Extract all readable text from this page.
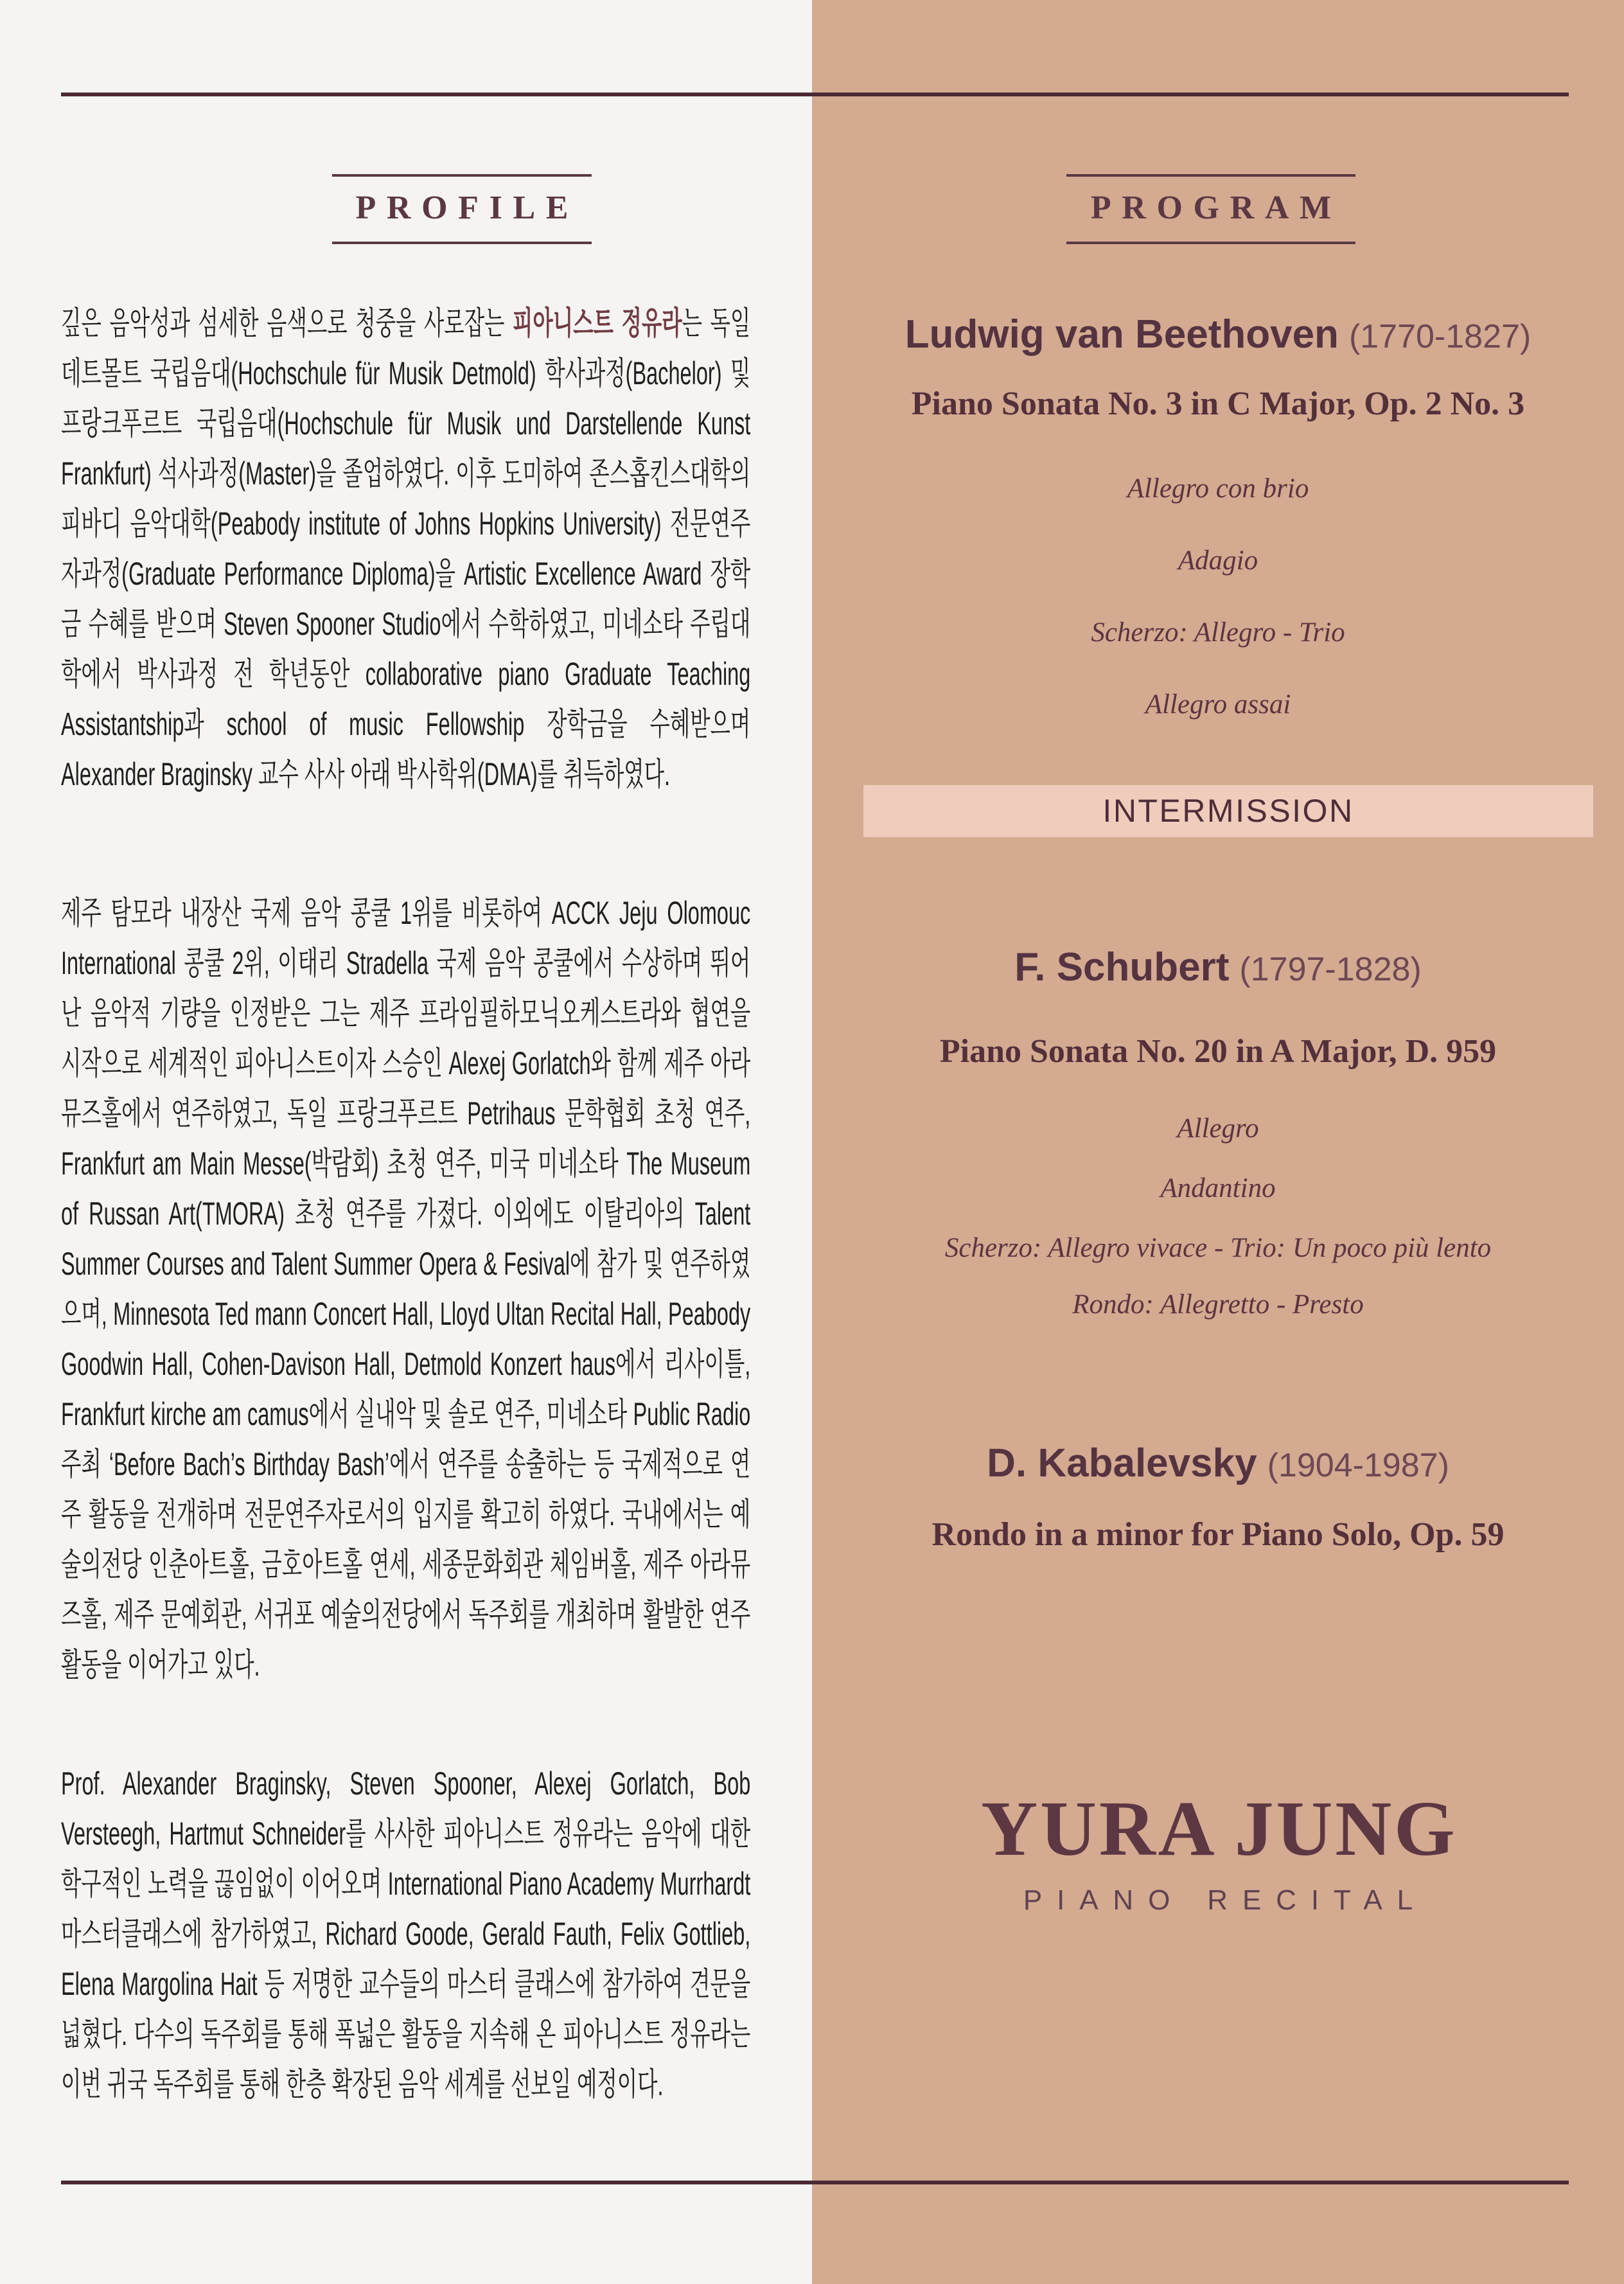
PROFILE

깊은 음악성과 섬세한 음색으로 청중을 사로잡는 피아니스트 정유라는 독일 데트몰트 국립음대(Hochschule für Musik Detmold) 학사과정(Bachelor) 및 프랑크푸르트 국립음대(Hochschule für Musik und Darstellende Kunst Frankfurt) 석사과정(Master)을 졸업하였다. 이후 도미하여 존스홉킨스대학의 피바디 음악대학(Peabody institute of Johns Hopkins University) 전문연주자과정(Graduate Performance Diploma)을 Artistic Excellence Award 장학금 수혜를 받으며 Steven Spooner Studio에서 수학하였고, 미네소타 주립대학에서 박사과정 전 학년동안 collaborative piano Graduate Teaching Assistantship과 school of music Fellowship 장학금을 수혜받으며 Alexander Braginsky 교수 사사 아래 박사학위(DMA)를 취득하였다.

제주 탐모라 내장산 국제 음악 콩쿨 1위를 비롯하여 ACCK Jeju Olomouc International 콩쿨 2위, 이태리 Stradella 국제 음악 콩쿨에서 수상하며 뛰어난 음악적 기량을 인정받은 그는 제주 프라임필하모닉오케스트라와 협연을 시작으로 세계적인 피아니스트이자 스승인 Alexej Gorlatch와 함께 제주 아라뮤즈홀에서 연주하였고, 독일 프랑크푸르트 Petrihaus 문학협회 초청 연주, Frankfurt am Main Messe(박람회) 초청 연주, 미국 미네소타 The Museum of Russan Art(TMORA) 초청 연주를 가졌다. 이외에도 이탈리아의 Talent Summer Courses and Talent Summer Opera & Fesival에 참가 및 연주하였으며, Minnesota Ted mann Concert Hall, Lloyd Ultan Recital Hall, Peabody Goodwin Hall, Cohen-Davison Hall, Detmold Konzert haus에서 리사이틀, Frankfurt kirche am camus에서 실내악 및 솔로 연주, 미네소타 Public Radio 주최 ‘Before Bach’s Birthday Bash’에서 연주를 송출하는 등 국제적으로 연주 활동을 전개하며 전문연주자로서의 입지를 확고히 하였다. 국내에서는 예술의전당 인춘아트홀, 금호아트홀 연세, 세종문화회관 체임버홀, 제주 아라뮤즈홀, 제주 문예회관, 서귀포 예술의전당에서 독주회를 개최하며 활발한 연주활동을 이어가고 있다.

Prof. Alexander Braginsky, Steven Spooner, Alexej Gorlatch, Bob Versteegh, Hartmut Schneider를 사사한 피아니스트 정유라는 음악에 대한 학구적인 노력을 끊임없이 이어오며 International Piano Academy Murrhardt 마스터클래스에 참가하였고, Richard Goode, Gerald Fauth, Felix Gottlieb, Elena Margolina Hait 등 저명한 교수들의 마스터 클래스에 참가하여 견문을 넓혔다. 다수의 독주회를 통해 폭넓은 활동을 지속해 온 피아니스트 정유라는 이번 귀국 독주회를 통해 한층 확장된 음악 세계를 선보일 예정이다.

PROGRAM

Ludwig van Beethoven (1770-1827)

Piano Sonata No. 3 in C Major, Op. 2 No. 3

Allegro con brio

Adagio

Scherzo: Allegro - Trio

Allegro assai

INTERMISSION

F. Schubert (1797-1828)

Piano Sonata No. 20 in A Major, D. 959

Allegro

Andantino

Scherzo: Allegro vivace - Trio: Un poco più lento

Rondo: Allegretto - Presto

D. Kabalevsky (1904-1987)

Rondo in a minor for Piano Solo, Op. 59

YURA JUNG

PIANO RECITAL
